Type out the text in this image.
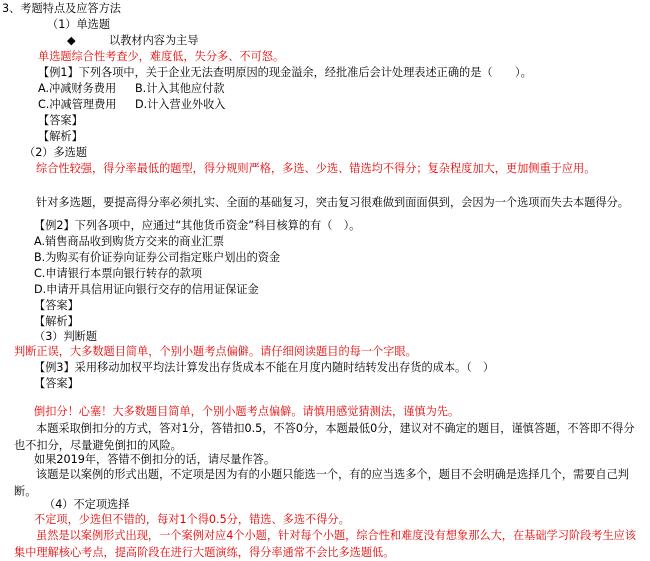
3、考题特点及应答方法
（1）单选题
◆	以教材内容为主导
单选题综合性考查少，难度低，失分多、不可怒。
【例1】下列各项中，关于企业无法查明原因的现金溢余，经批准后会计处理表述正确的是（　　）。
A.冲减财务费用 B.计入其他应付款
C.冲减管理费用 D.计入营业外收入
【答案】
【解析】
（2）多选题
综合性较强，得分率最低的题型，得分规则严格，多选、少选、错选均不得分；复杂程度加大，更加侧重于应用。
针对多选题，要提高得分率必须扎实、全面的基础复习，突击复习很难做到面面俱到，会因为一个选项而失去本题得分。
【例2】下列各项中，应通过“其他货币资金”科目核算的有（　）。
A.销售商品收到购货方交来的商业汇票
B.为购买有价证券向证券公司指定账户划出的资金
C.申请银行本票向银行转存的款项
D.申请开具信用证向银行交存的信用证保证金
【答案】
【解析】
（3）判断题
判断正误，大多数题目简单，个别小题考点偏僻。请仔细阅读题目的每一个字眼。
【例3】采用移动加权平均法计算发出存货成本不能在月度内随时结转发出存货的成本。（　）
【答案】
倒扣分！心塞！大多数题目简单，个别小题考点偏僻。请慎用感觉猜测法，谨慎为先。
本题采取倒扣分的方式，答对1分，答错扣0.5，不答0分，本题最低0分，建议对不确定的题目，谨慎答题，不答即不得分也不扣分，尽量避免倒扣的风险。
如果2019年，答错不倒扣分的话，请尽量作答。
该题是以案例的形式出题，不定项是因为有的小题只能选一个，有的应当选多个，题目不会明确是选择几个，需要自己判断。
（4）不定项选择
不定项，少选但不错的，每对1个得0.5分，错选、多选不得分。
虽然是以案例形式出现，一个案例对应4个小题，针对每个小题，综合性和难度没有想象那么大，在基础学习阶段考生应该集中理解核心考点，提高阶段在进行大题演练，得分率通常不会比多选题低。
